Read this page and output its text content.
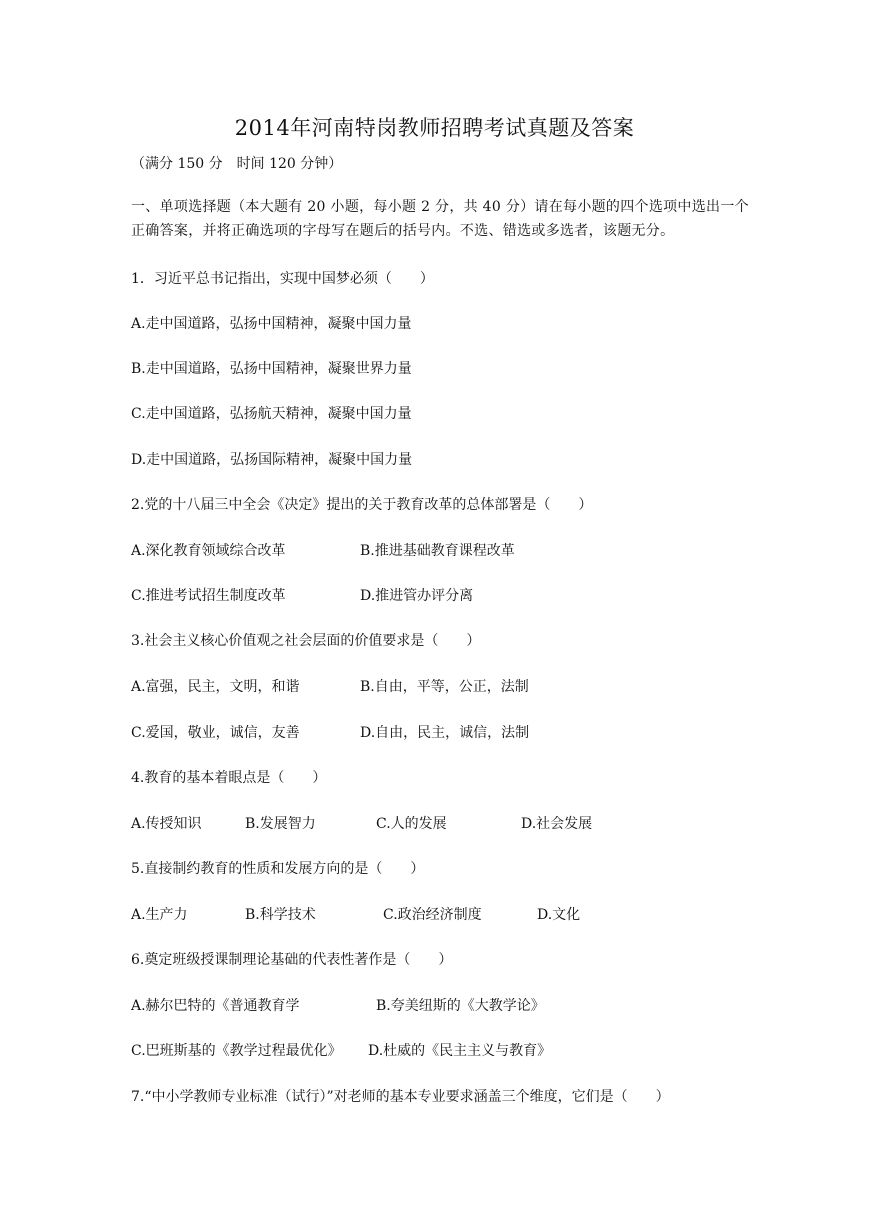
2014年河南特岗教师招聘考试真题及答案
（满分 150 分　时间 120 分钟）
一、单项选择题（本大题有 20 小题，每小题 2 分，共 40 分）请在每小题的四个选项中选出一个正确答案，并将正确选项的字母写在题后的括号内。不选、错选或多选者，该题无分。
1．习近平总书记指出，实现中国梦必须（　　）
A.走中国道路，弘扬中国精神，凝聚中国力量
B.走中国道路，弘扬中国精神，凝聚世界力量
C.走中国道路，弘扬航天精神，凝聚中国力量
D.走中国道路，弘扬国际精神，凝聚中国力量
2.党的十八届三中全会《决定》提出的关于教育改革的总体部署是（　　）
A.深化教育领域综合改革	B.推进基础教育课程改革
C.推进考试招生制度改革	D.推进管办评分离
3.社会主义核心价值观之社会层面的价值要求是（　　）
A.富强，民主，文明，和谐	B.自由，平等，公正，法制
C.爱国，敬业，诚信，友善	D.自由，民主，诚信，法制
4.教育的基本着眼点是（　　）
A.传授知识	B.发展智力	C.人的发展	D.社会发展
5.直接制约教育的性质和发展方向的是（　　）
A.生产力	B.科学技术	C.政治经济制度	D.文化
6.奠定班级授课制理论基础的代表性著作是（　　）
A.赫尔巴特的《普通教育学	B.夸美纽斯的《大教学论》
C.巴班斯基的《教学过程最优化》 D.杜威的《民主主义与教育》
7.“中小学教师专业标准（试行）”对老师的基本专业要求涵盖三个维度，它们是（　　）
